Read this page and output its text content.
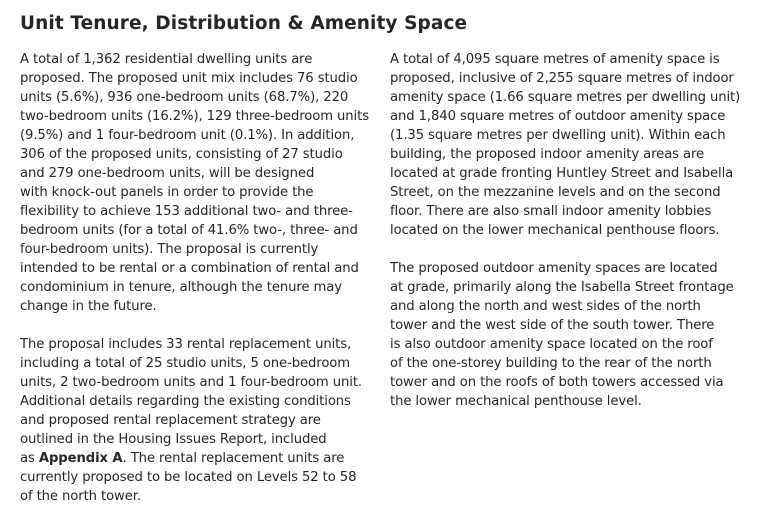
Unit Tenure, Distribution & Amenity Space
A total of 1,362 residential dwelling units are
proposed. The proposed unit mix includes 76 studio
units (5.6%), 936 one-bedroom units (68.7%), 220
two-bedroom units (16.2%), 129 three-bedroom units
(9.5%) and 1 four-bedroom unit (0.1%). In addition,
306 of the proposed units, consisting of 27 studio
and 279 one-bedroom units, will be designed
with knock-out panels in order to provide the
flexibility to achieve 153 additional two- and three-
bedroom units (for a total of 41.6% two-, three- and
four-bedroom units). The proposal is currently
intended to be rental or a combination of rental and
condominium in tenure, although the tenure may
change in the future.
The proposal includes 33 rental replacement units,
including a total of 25 studio units, 5 one-bedroom
units, 2 two-bedroom units and 1 four-bedroom unit.
Additional details regarding the existing conditions
and proposed rental replacement strategy are
outlined in the Housing Issues Report, included
as Appendix A. The rental replacement units are
currently proposed to be located on Levels 52 to 58
of the north tower.
A total of 4,095 square metres of amenity space is
proposed, inclusive of 2,255 square metres of indoor
amenity space (1.66 square metres per dwelling unit)
and 1,840 square metres of outdoor amenity space
(1.35 square metres per dwelling unit). Within each
building, the proposed indoor amenity areas are
located at grade fronting Huntley Street and Isabella
Street, on the mezzanine levels and on the second
floor. There are also small indoor amenity lobbies
located on the lower mechanical penthouse floors.
The proposed outdoor amenity spaces are located
at grade, primarily along the Isabella Street frontage
and along the north and west sides of the north
tower and the west side of the south tower. There
is also outdoor amenity space located on the roof
of the one-storey building to the rear of the north
tower and on the roofs of both towers accessed via
the lower mechanical penthouse level.
